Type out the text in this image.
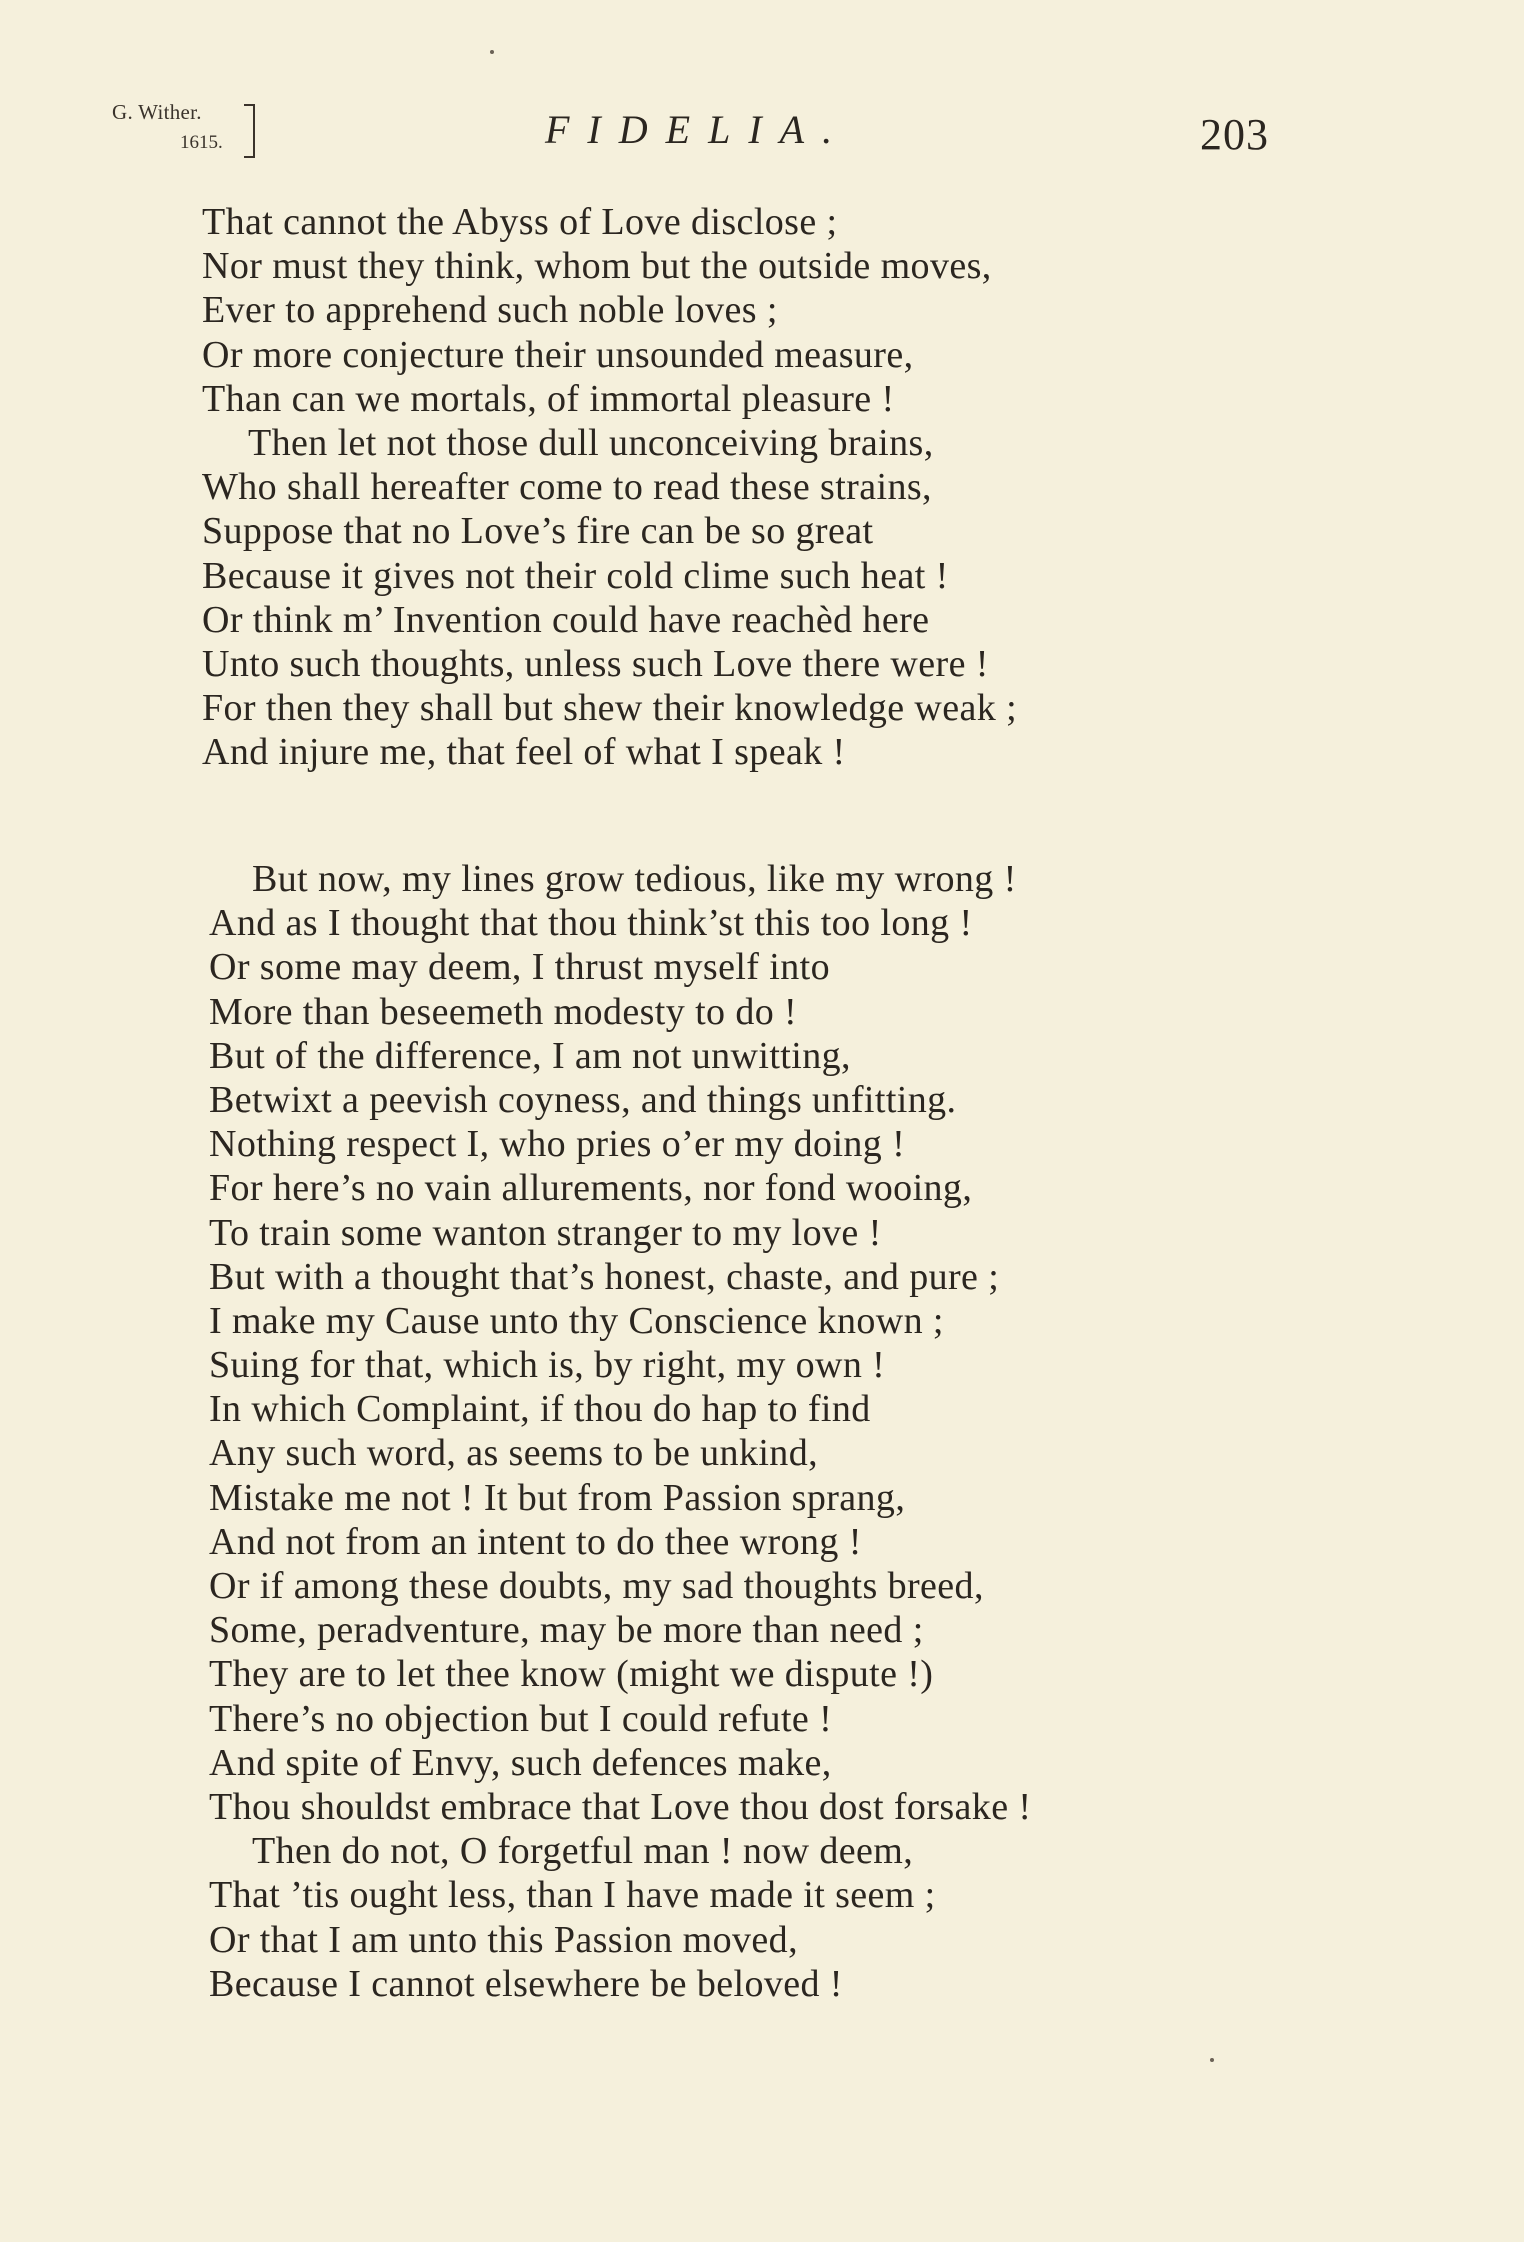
G. Wither.
1615.	FIDELIA.	203
That cannot the Abyss of Love disclose ;
Nor must they think, whom but the outside moves,
Ever to apprehend such noble loves ;
Or more conjecture their unsounded measure,
Than can we mortals, of immortal pleasure !
Then let not those dull unconceiving brains,
Who shall hereafter come to read these strains,
Suppose that no Love’s fire can be so great
Because it gives not their cold clime such heat !
Or think m’ Invention could have reachèd here
Unto such thoughts, unless such Love there were !
For then they shall but shew their knowledge weak ;
And injure me, that feel of what I speak !
But now, my lines grow tedious, like my wrong !
And as I thought that thou think’st this too long !
Or some may deem, I thrust myself into
More than beseemeth modesty to do !
But of the difference, I am not unwitting,
Betwixt a peevish coyness, and things unfitting.
Nothing respect I, who pries o’er my doing !
For here’s no vain allurements, nor fond wooing,
To train some wanton stranger to my love !
But with a thought that’s honest, chaste, and pure ;
I make my Cause unto thy Conscience known ;
Suing for that, which is, by right, my own !
In which Complaint, if thou do hap to find
Any such word, as seems to be unkind,
Mistake me not ! It but from Passion sprang,
And not from an intent to do thee wrong !
Or if among these doubts, my sad thoughts breed,
Some, peradventure, may be more than need ;
They are to let thee know (might we dispute !)
There’s no objection but I could refute !
And spite of Envy, such defences make,
Thou shouldst embrace that Love thou dost forsake !
Then do not, O forgetful man ! now deem,
That ’tis ought less, than I have made it seem ;
Or that I am unto this Passion moved,
Because I cannot elsewhere be beloved !
